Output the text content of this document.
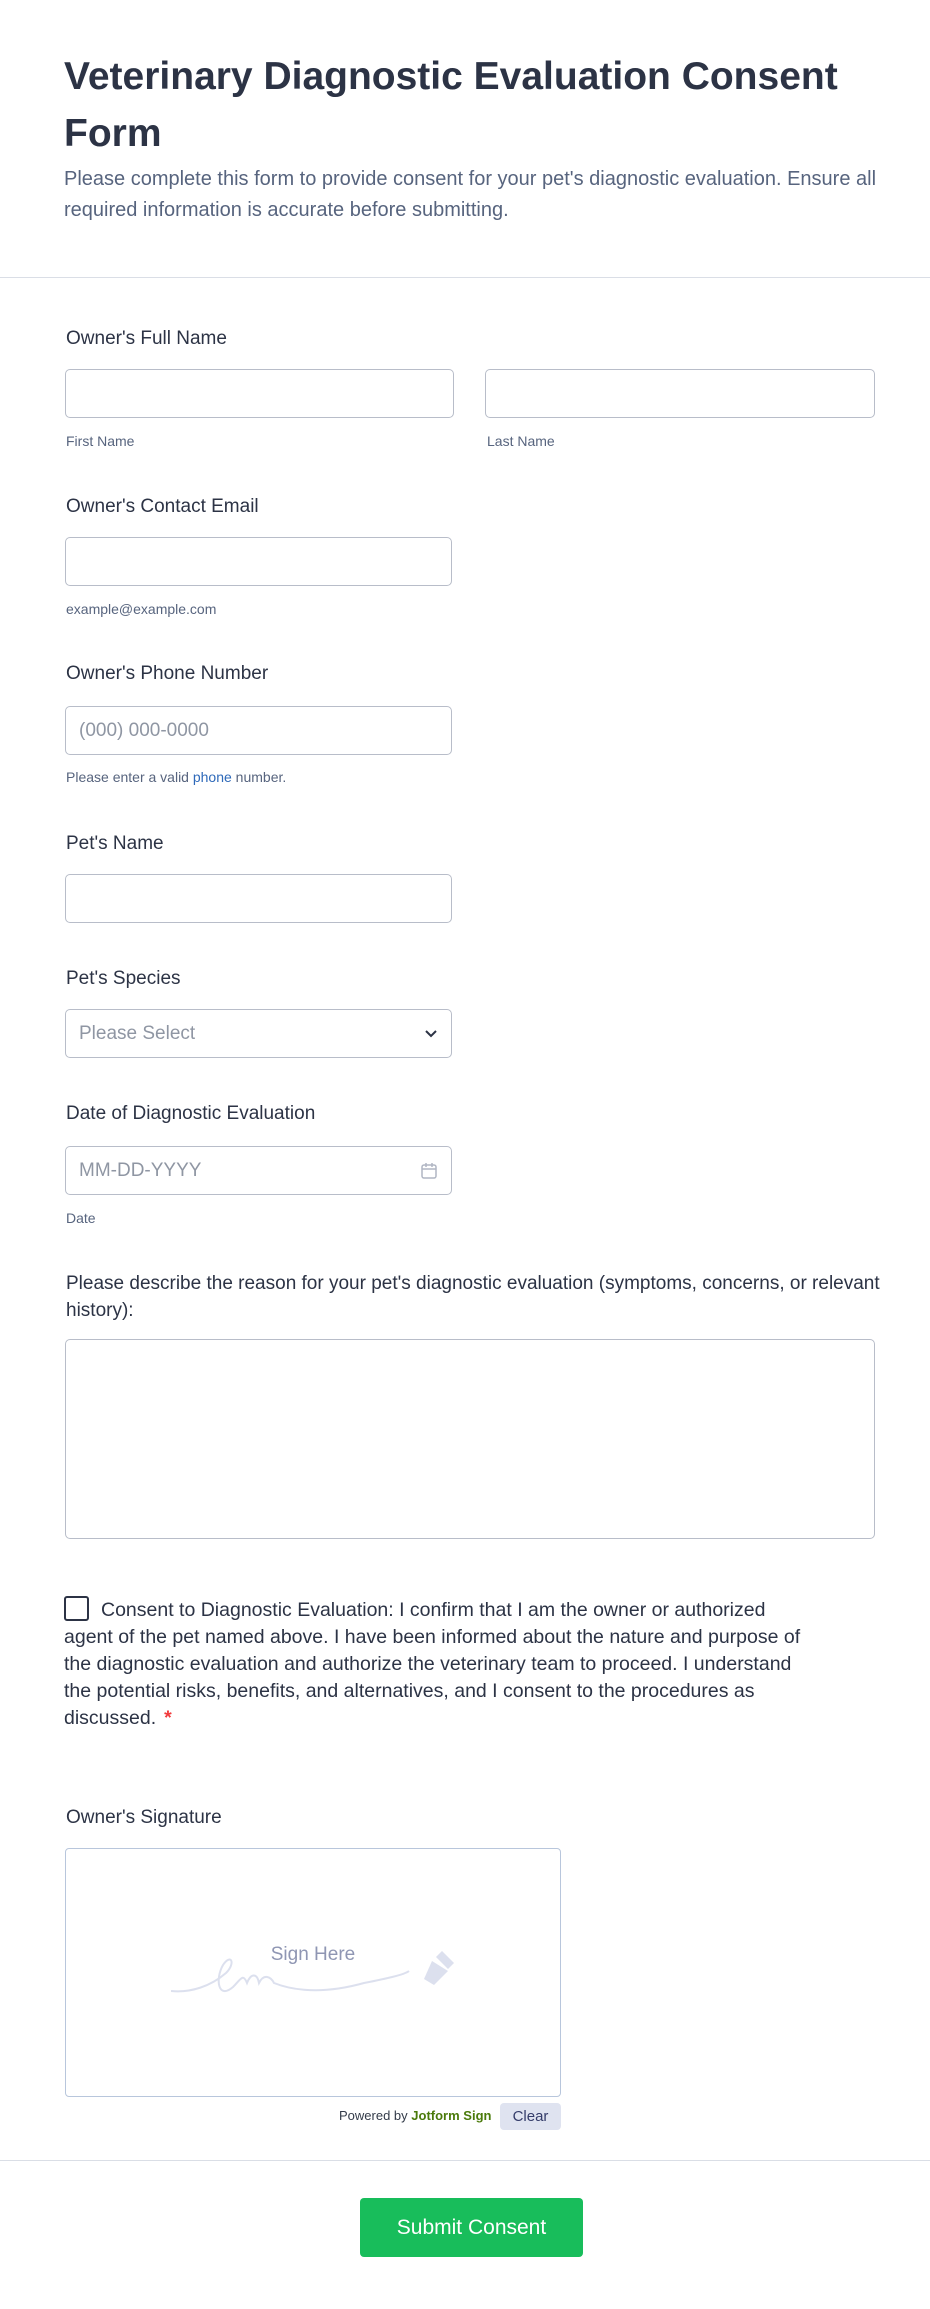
Veterinary Diagnostic Evaluation Consent Form
Please complete this form to provide consent for your pet's diagnostic evaluation. Ensure all required information is accurate before submitting.
Owner's Full Name
First Name	Last Name
Owner's Contact Email
example@example.com
Owner's Phone Number
(000) 000-0000
Please enter a valid phone number.
Pet's Name
Pet's Species
Please Select
Date of Diagnostic Evaluation
MM-DD-YYYY
Date
Please describe the reason for your pet's diagnostic evaluation (symptoms, concerns, or relevant history):
Consent to Diagnostic Evaluation: I confirm that I am the owner or authorized agent of the pet named above. I have been informed about the nature and purpose of the diagnostic evaluation and authorize the veterinary team to proceed. I understand the potential risks, benefits, and alternatives, and I consent to the procedures as discussed. *
Owner's Signature
Sign Here
Powered by Jotform Sign	Clear
Submit Consent
